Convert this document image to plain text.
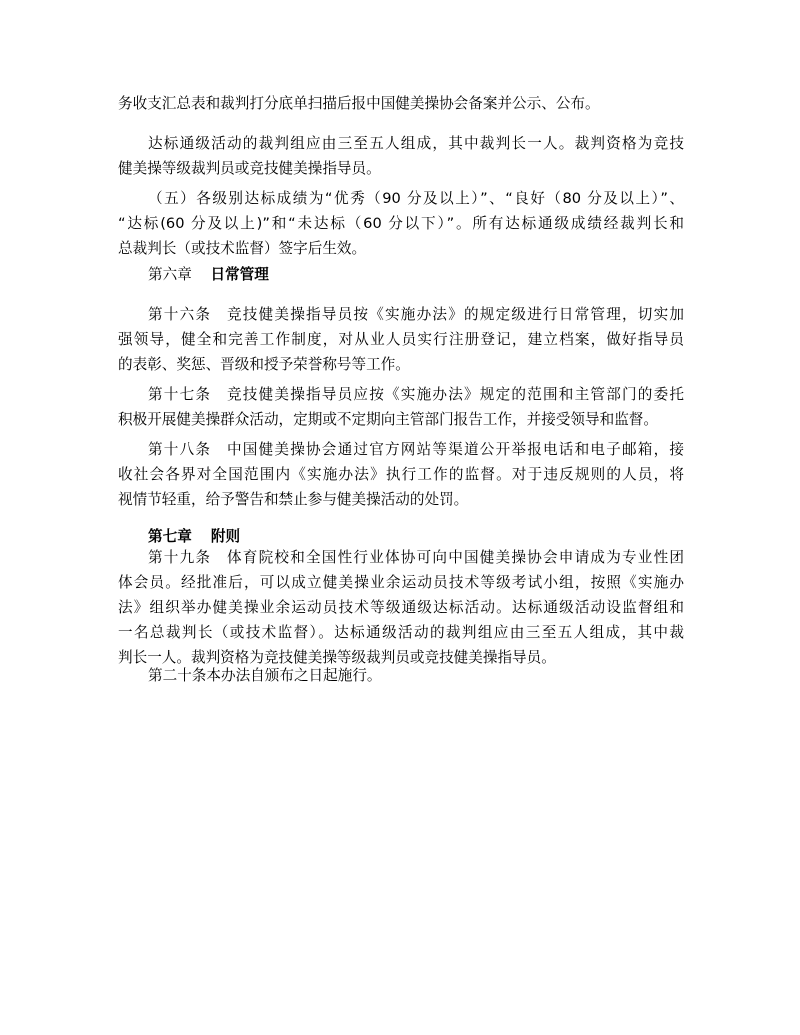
务收支汇总表和裁判打分底单扫描后报中国健美操协会备案并公示、公布。
达标通级活动的裁判组应由三至五人组成，其中裁判长一人。裁判资格为竞技
健美操等级裁判员或竞技健美操指导员。
（五）各级别达标成绩为“优秀（90 分及以上）”、“良好（80 分及以上）”、
“达标(60 分及以上)”和“未达标（60 分以下）”。所有达标通级成绩经裁判长和
总裁判长（或技术监督）签字后生效。
第六章 日常管理
第十六条　竞技健美操指导员按《实施办法》的规定级进行日常管理，切实加
强领导，健全和完善工作制度，对从业人员实行注册登记，建立档案，做好指导员
的表彰、奖惩、晋级和授予荣誉称号等工作。
第十七条　竞技健美操指导员应按《实施办法》规定的范围和主管部门的委托
积极开展健美操群众活动，定期或不定期向主管部门报告工作，并接受领导和监督。
第十八条　中国健美操协会通过官方网站等渠道公开举报电话和电子邮箱，接
收社会各界对全国范围内《实施办法》执行工作的监督。对于违反规则的人员，将
视情节轻重，给予警告和禁止参与健美操活动的处罚。
第七章 附则
第十九条　体育院校和全国性行业体协可向中国健美操协会申请成为专业性团
体会员。经批准后，可以成立健美操业余运动员技术等级考试小组，按照《实施办
法》组织举办健美操业余运动员技术等级通级达标活动。达标通级活动设监督组和
一名总裁判长（或技术监督）。达标通级活动的裁判组应由三至五人组成，其中裁
判长一人。裁判资格为竞技健美操等级裁判员或竞技健美操指导员。
第二十条本办法自颁布之日起施行。
